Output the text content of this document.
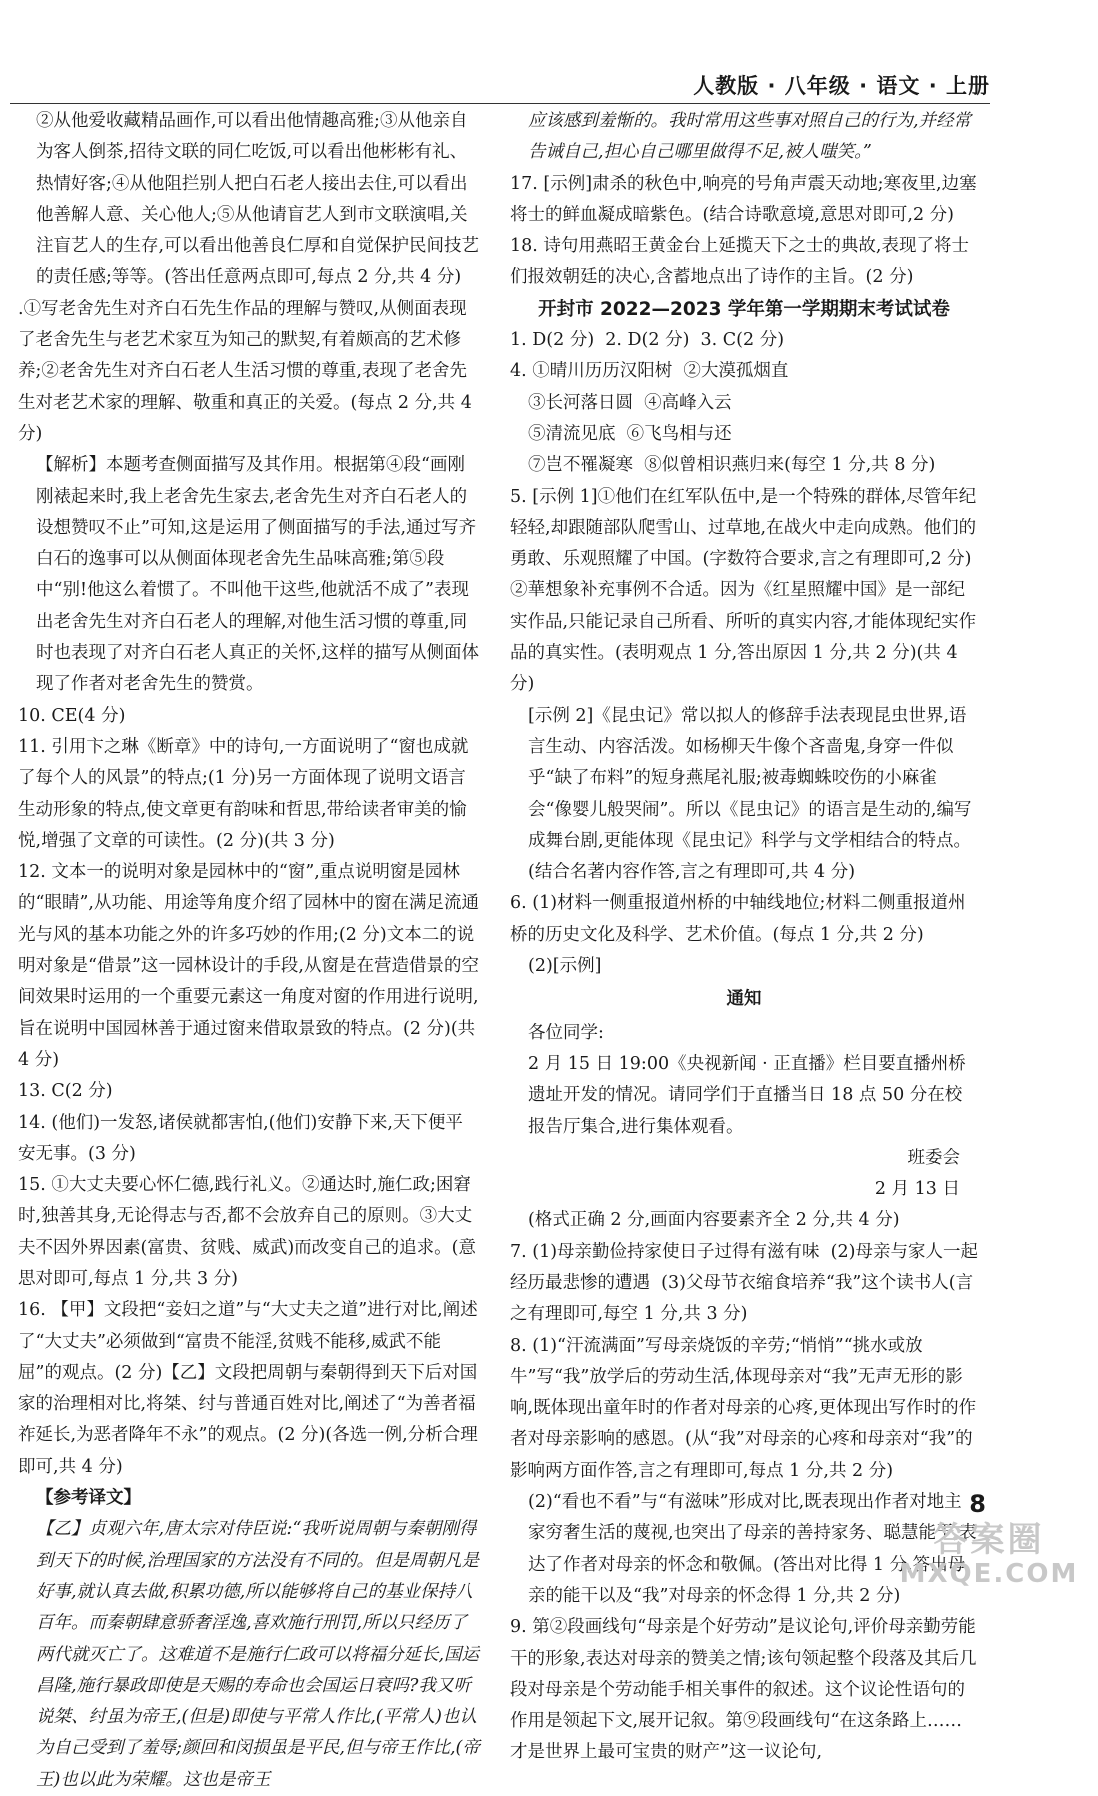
人教版 · 八年级 · 语文 · 上册

②从他爱收藏精品画作,可以看出他情趣高雅;③从他亲自为客人倒茶,招待文联的同仁吃饭,可以看出他彬彬有礼、热情好客;④从他阻拦别人把白石老人接出去住,可以看出他善解人意、关心他人;⑤从他请盲艺人到市文联演唱,关注盲艺人的生存,可以看出他善良仁厚和自觉保护民间技艺的责任感;等等。(答出任意两点即可,每点 2 分,共 4 分)

.①写老舍先生对齐白石先生作品的理解与赞叹,从侧面表现了老舍先生与老艺术家互为知己的默契,有着颇高的艺术修养;②老舍先生对齐白石老人生活习惯的尊重,表现了老舍先生对老艺术家的理解、敬重和真正的关爱。(每点 2 分,共 4 分)

【解析】本题考查侧面描写及其作用。根据第④段“画刚刚裱起来时,我上老舍先生家去,老舍先生对齐白石老人的设想赞叹不止”可知,这是运用了侧面描写的手法,通过写齐白石的逸事可以从侧面体现老舍先生品味高雅;第⑤段中“别!他这么着惯了。不叫他干这些,他就活不成了”表现出老舍先生对齐白石老人的理解,对他生活习惯的尊重,同时也表现了对齐白石老人真正的关怀,这样的描写从侧面体现了作者对老舍先生的赞赏。

10. CE(4 分)

11. 引用卞之琳《断章》中的诗句,一方面说明了“窗也成就了每个人的风景”的特点;(1 分)另一方面体现了说明文语言生动形象的特点,使文章更有韵味和哲思,带给读者审美的愉悦,增强了文章的可读性。(2 分)(共 3 分)

12. 文本一的说明对象是园林中的“窗”,重点说明窗是园林的“眼睛”,从功能、用途等角度介绍了园林中的窗在满足流通光与风的基本功能之外的许多巧妙的作用;(2 分)文本二的说明对象是“借景”这一园林设计的手段,从窗是在营造借景的空间效果时运用的一个重要元素这一角度对窗的作用进行说明,旨在说明中国园林善于通过窗来借取景致的特点。(2 分)(共 4 分)

13. C(2 分)

14. (他们)一发怒,诸侯就都害怕,(他们)安静下来,天下便平安无事。(3 分)

15. ①大丈夫要心怀仁德,践行礼义。②通达时,施仁政;困窘时,独善其身,无论得志与否,都不会放弃自己的原则。③大丈夫不因外界因素(富贵、贫贱、威武)而改变自己的追求。(意思对即可,每点 1 分,共 3 分)

16. 【甲】文段把“妾妇之道”与“大丈夫之道”进行对比,阐述了“大丈夫”必须做到“富贵不能淫,贫贱不能移,威武不能屈”的观点。(2 分)【乙】文段把周朝与秦朝得到天下后对国家的治理相对比,将桀、纣与普通百姓对比,阐述了“为善者福祚延长,为恶者降年不永”的观点。(2 分)(各选一例,分析合理即可,共 4 分)

【参考译文】

【乙】贞观六年,唐太宗对侍臣说:“我听说周朝与秦朝刚得到天下的时候,治理国家的方法没有不同的。但是周朝凡是好事,就认真去做,积累功德,所以能够将自己的基业保持八百年。而秦朝肆意骄奢淫逸,喜欢施行刑罚,所以只经历了两代就灭亡了。这难道不是施行仁政可以将福分延长,国运昌隆,施行暴政即使是天赐的寿命也会国运日衰吗?我又听说桀、纣虽为帝王,(但是)即使与平常人作比,(平常人)也认为自己受到了羞辱;颜回和闵损虽是平民,但与帝王作比,(帝王)也以此为荣耀。这也是帝王

应该感到羞惭的。我时常用这些事对照自己的行为,并经常告诫自己,担心自己哪里做得不足,被人嗤笑。”

17. [示例]肃杀的秋色中,响亮的号角声震天动地;寒夜里,边塞将士的鲜血凝成暗紫色。(结合诗歌意境,意思对即可,2 分)

18. 诗句用燕昭王黄金台上延揽天下之士的典故,表现了将士们报效朝廷的决心,含蓄地点出了诗作的主旨。(2 分)

开封市 2022—2023 学年第一学期期末考试试卷

1. D(2 分)  2. D(2 分)  3. C(2 分)

4. ①晴川历历汉阳树  ②大漠孤烟直

③长河落日圆  ④高峰入云

⑤清流见底  ⑥飞鸟相与还

⑦岂不罹凝寒  ⑧似曾相识燕归来(每空 1 分,共 8 分)

5. [示例 1]①他们在红军队伍中,是一个特殊的群体,尽管年纪轻轻,却跟随部队爬雪山、过草地,在战火中走向成熟。他们的勇敢、乐观照耀了中国。(字数符合要求,言之有理即可,2 分)  ②華想象补充事例不合适。因为《红星照耀中国》是一部纪实作品,只能记录自己所看、所听的真实内容,才能体现纪实作品的真实性。(表明观点 1 分,答出原因 1 分,共 2 分)(共 4 分)

[示例 2]《昆虫记》常以拟人的修辞手法表现昆虫世界,语言生动、内容活泼。如杨柳天牛像个吝啬鬼,身穿一件似乎“缺了布料”的短身燕尾礼服;被毒蜘蛛咬伤的小麻雀会“像婴儿般哭闹”。所以《昆虫记》的语言是生动的,编写成舞台剧,更能体现《昆虫记》科学与文学相结合的特点。(结合名著内容作答,言之有理即可,共 4 分)

6. (1)材料一侧重报道州桥的中轴线地位;材料二侧重报道州桥的历史文化及科学、艺术价值。(每点 1 分,共 2 分)

(2)[示例]

通知

各位同学:

2 月 15 日 19:00《央视新闻 · 正直播》栏目要直播州桥遗址开发的情况。请同学们于直播当日 18 点 50 分在校报告厅集合,进行集体观看。

班委会

2 月 13 日

(格式正确 2 分,画面内容要素齐全 2 分,共 4 分)

7. (1)母亲勤俭持家使日子过得有滋有味  (2)母亲与家人一起经历最悲惨的遭遇  (3)父母节衣缩食培养“我”这个读书人(言之有理即可,每空 1 分,共 3 分)

8. (1)“汗流满面”写母亲烧饭的辛劳;“悄悄”“挑水或放牛”写“我”放学后的劳动生活,体现母亲对“我”无声无形的影响,既体现出童年时的作者对母亲的心疼,更体现出写作时的作者对母亲影响的感恩。(从“我”对母亲的心疼和母亲对“我”的影响两方面作答,言之有理即可,每点 1 分,共 2 分)

(2)“看也不看”与“有滋味”形成对比,既表现出作者对地主家穷奢生活的蔑视,也突出了母亲的善持家务、聪慧能干,表达了作者对母亲的怀念和敬佩。(答出对比得 1 分,答出母亲的能干以及“我”对母亲的怀念得 1 分,共 2 分)

9. 第②段画线句“母亲是个好劳动”是议论句,评价母亲勤劳能干的形象,表达对母亲的赞美之情;该句领起整个段落及其后几段对母亲是个劳动能手相关事件的叙述。这个议论性语句的作用是领起下文,展开记叙。第⑨段画线句“在这条路上……才是世界上最可宝贵的财产”这一议论句,

8
答案圈
MXQE.COM
